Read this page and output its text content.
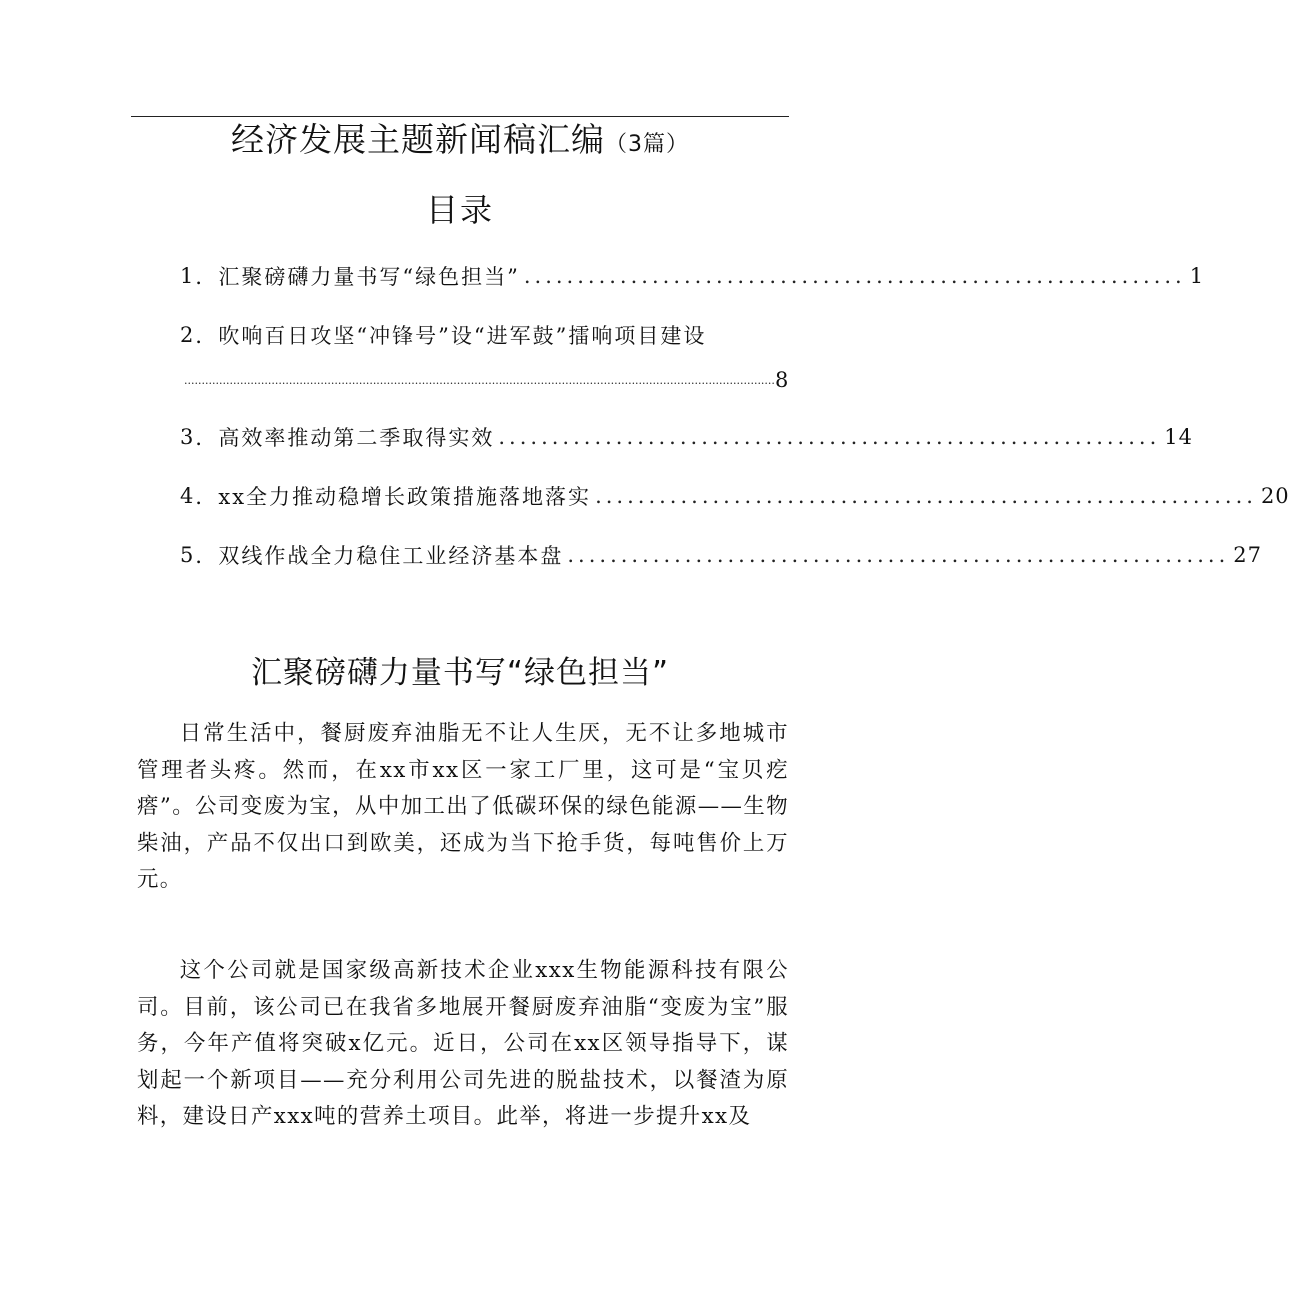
经济发展主题新闻稿汇编（3篇）
目录
1 ．汇聚磅礴力量书写“绿色担当” .............................................................. 1
2 ．吹响百日攻坚“冲锋号”设“进军鼓”擂响项目建设
......................................................................................................................................................................... 8
3 ．高效率推动第二季取得实效 .............................................................. 14
4 ．xx全力推动稳增长政策措施落地落实 .............................................................. 20
5 ．双线作战全力稳住工业经济基本盘 .............................................................. 27
汇聚磅礴力量书写“绿色担当”

日常生活中，餐厨废弃油脂无不让人生厌，无不让多地城市管理者头疼。然而，在xx市xx区一家工厂里，这可是“宝贝疙瘩”。公司变废为宝，从中加工出了低碳环保的绿色能源——生物柴油，产品不仅出口到欧美，还成为当下抢手货，每吨售价上万元。

这个公司就是国家级高新技术企业xxx生物能源科技有限公司。目前，该公司已在我省多地展开餐厨废弃油脂“变废为宝”服务，今年产值将突破x亿元。近日，公司在xx区领导指导下，谋划起一个新项目——充分利用公司先进的脱盐技术，以餐渣为原料，建设日产xxx吨的营养土项目。此举，将进一步提升xx及
